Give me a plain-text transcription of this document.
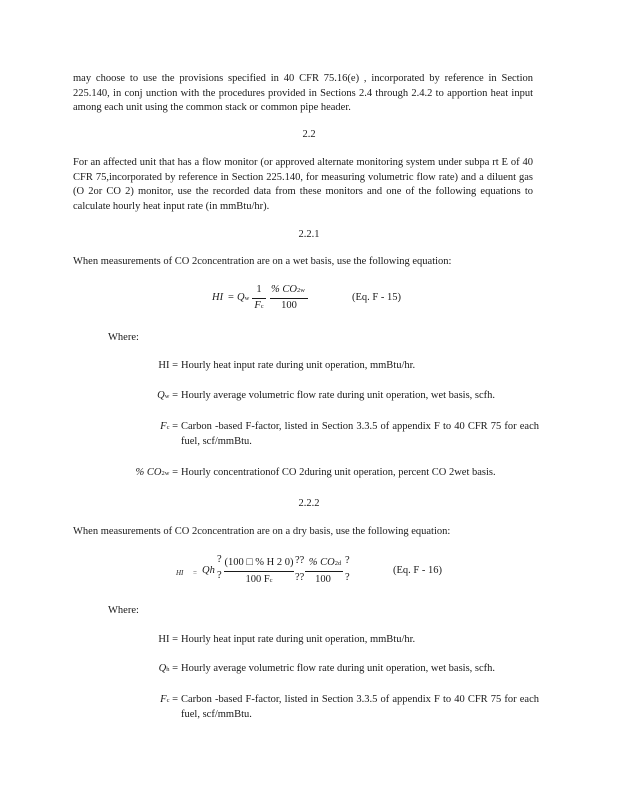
may choose to use the provisions specified in 40 CFR 75.16(e) , incorporated by reference in Section 225.140, in conj unction with the procedures provided in Sections 2.4 through 2.4.2 to apportion heat input among each unit using the common stack or common pipe header.
2.2
For an affected unit that has a flow monitor (or approved alternate monitoring system under subpa rt E of 40 CFR 75,incorporated by reference in Section 225.140, for measuring volumetric flow rate) and a diluent gas (O 2or CO 2) monitor, use the recorded data from these monitors and one of the following equations to calculate hourly heat input rate (in mmBtu/hr).
2.2.1
When measurements of CO 2concentration are on a wet basis, use the following equation:
HI = Qw
1
Fc
% CO2w
100
(Eq. F - 15)
Where:
HI = Hourly heat input rate during unit operation, mmBtu/hr.
Qw = Hourly average volumetric flow rate during unit operation, wet basis, scfh.
Fc = Carbon -based F-factor, listed in Section 3.3.5 of appendix F to 40 CFR 75 for each fuel, scf/mmBtu.
% CO2w = Hourly concentrationof CO 2during unit operation, percent CO 2wet basis.
2.2.2
When measurements of CO 2concentration are on a dry basis, use the following equation:
HI = Qh
?
?
(100 □ % H 2 0)
100 Fc
??
??
% CO2d
100
?
?
(Eq. F - 16)
Where:
HI = Hourly heat input rate during unit operation, mmBtu/hr.
Qh = Hourly average volumetric flow rate during unit operation, wet basis, scfh.
Fc = Carbon -based F-factor, listed in Section 3.3.5 of appendix F to 40 CFR 75 for each fuel, scf/mmBtu.
